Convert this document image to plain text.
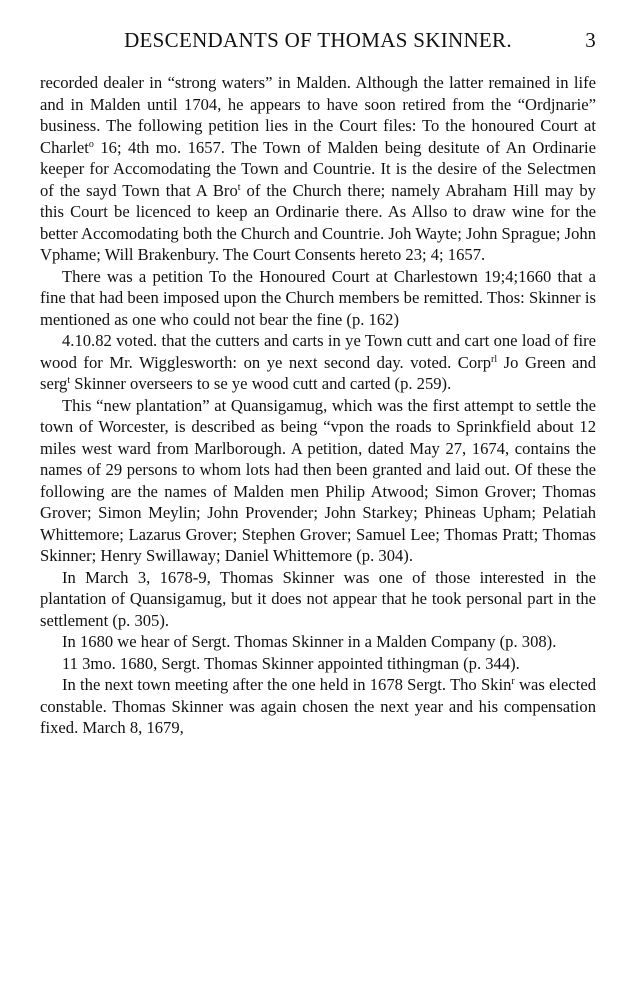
DESCENDANTS OF THOMAS SKINNER.	3

recorded dealer in “strong waters” in Malden. Although the latter remained in life and in Malden until 1704, he appears to have soon retired from the “Ordjnarie” business. The following petition lies in the Court files: To the honoured Court at Charlet$^o$ 16; 4th mo. 1657. The Town of Malden being desitute of An Ordinarie keeper for Accomodating the Town and Countrie. It is the desire of the Selectmen of the sayd Town that A Bro$^t$ of the Church there; namely Abraham Hill may by this Court be licenced to keep an Ordinarie there. As Allso to draw wine for the better Accomodating both the Church and Countrie. Joh Wayte; John Sprague; John Vphame; Will Brakenbury. The Court Consents hereto 23; 4; 1657.

There was a petition To the Honoured Court at Charlestown 19;4;1660 that a fine that had been imposed upon the Church members be remitted. Thos: Skinner is mentioned as one who could not bear the fine (p. 162)

4.10.82 voted. that the cutters and carts in ye Town cutt and cart one load of fire wood for Mr. Wigglesworth: on ye next second day. voted. Corp$^{rl}$ Jo Green and serg$^t$ Skinner overseers to se ye wood cutt and carted (p. 259).

This “new plantation” at Quansigamug, which was the first attempt to settle the town of Worcester, is described as being “vpon the roads to Sprinkfield about 12 miles west ward from Marlborough. A petition, dated May 27, 1674, contains the names of 29 persons to whom lots had then been granted and laid out. Of these the following are the names of Malden men Philip Atwood; Simon Grover; Thomas Grover; Simon Meylin; John Provender; John Starkey; Phineas Upham; Pelatiah Whittemore; Lazarus Grover; Stephen Grover; Samuel Lee; Thomas Pratt; Thomas Skinner; Henry Swillaway; Daniel Whittemore (p. 304).

In March 3, 1678-9, Thomas Skinner was one of those interested in the plantation of Quansigamug, but it does not appear that he took personal part in the settlement (p. 305).

In 1680 we hear of Sergt. Thomas Skinner in a Malden Company (p. 308).

11 3mo. 1680, Sergt. Thomas Skinner appointed tithingman (p. 344).

In the next town meeting after the one held in 1678 Sergt. Tho Skin$^r$ was elected constable. Thomas Skinner was again chosen the next year and his compensation fixed. March 8, 1679,
